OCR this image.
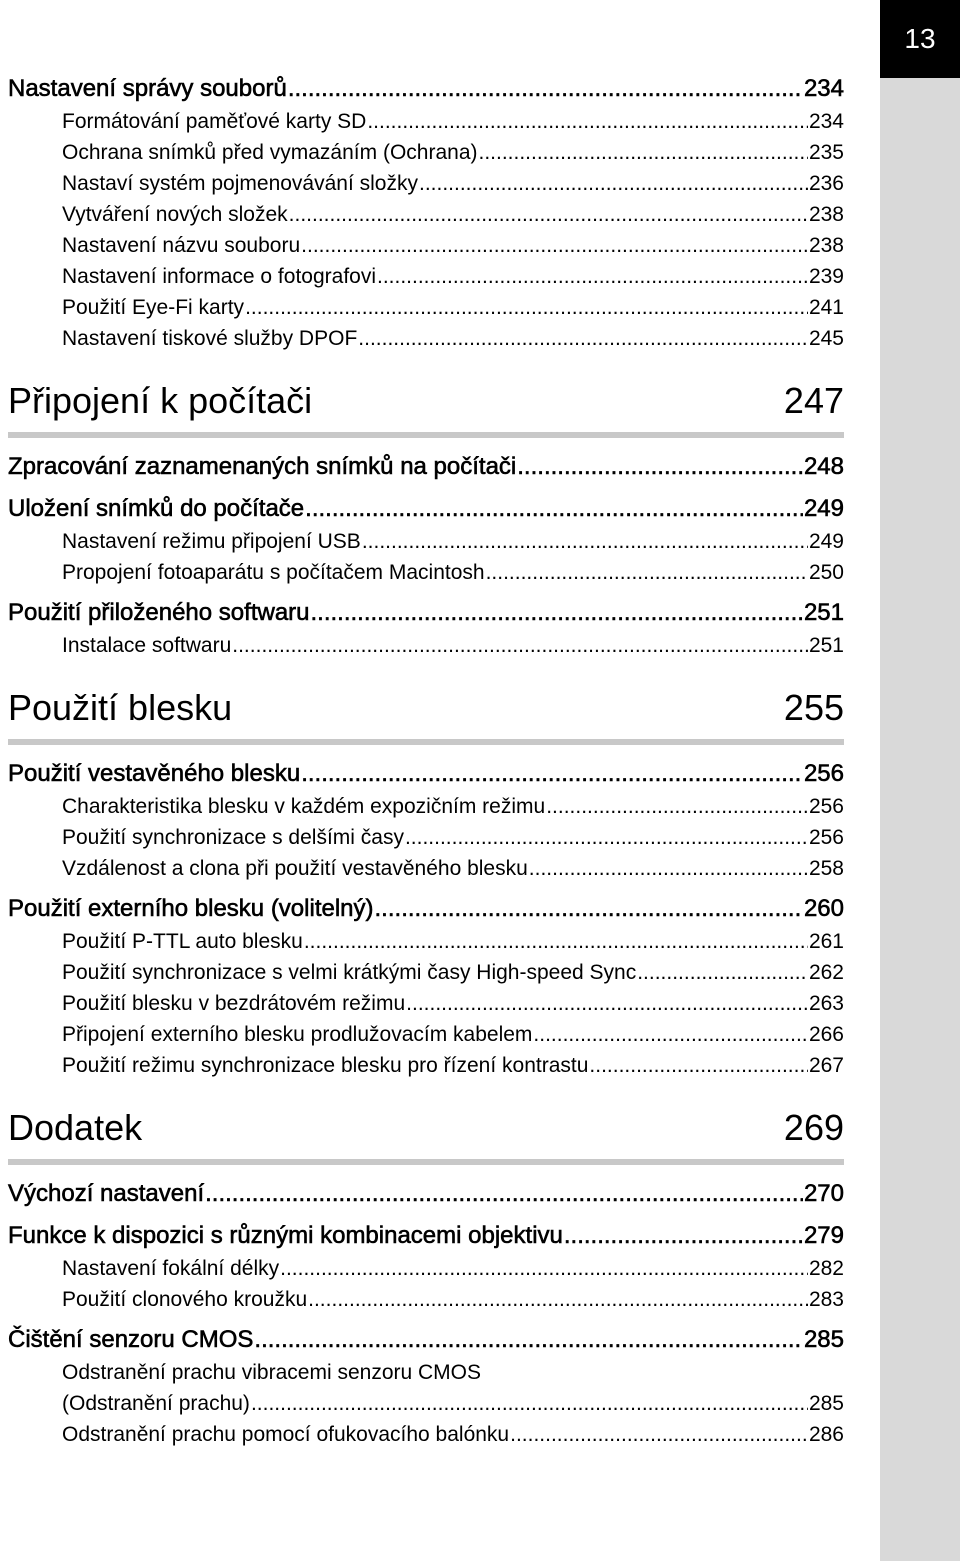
13
Nastavení správy souborů .....	234
Formátování paměťové karty SD .....	234
Ochrana snímků před vymazáním (Ochrana) .....	235
Nastaví systém pojmenovávání složky .....	236
Vytváření nových složek .....	238
Nastavení názvu souboru .....	238
Nastavení informace o fotografovi .....	239
Použití Eye-Fi karty .....	241
Nastavení tiskové služby DPOF .....	245
Připojení k počítači	247
Zpracování zaznamenaných snímků na počítači .....	248
Uložení snímků do počítače .....	249
Nastavení režimu připojení USB .....	249
Propojení fotoaparátu s počítačem Macintosh .....	250
Použití přiloženého softwaru .....	251
Instalace softwaru .....	251
Použití blesku	255
Použití vestavěného blesku .....	256
Charakteristika blesku v každém expozičním režimu .....	256
Použití synchronizace s delšími časy .....	256
Vzdálenost a clona při použití vestavěného blesku .....	258
Použití externího blesku (volitelný) .....	260
Použití P-TTL auto blesku .....	261
Použití synchronizace s velmi krátkými časy High-speed Sync .....	262
Použití blesku v bezdrátovém režimu .....	263
Připojení externího blesku prodlužovacím kabelem .....	266
Použití režimu synchronizace blesku pro řízení kontrastu .....	267
Dodatek	269
Výchozí nastavení .....	270
Funkce k dispozici s různými kombinacemi objektivu .....	279
Nastavení fokální délky .....	282
Použití clonového kroužku .....	283
Čištění senzoru CMOS .....	285
Odstranění prachu vibracemi senzoru CMOS
(Odstranění prachu) .....	285
Odstranění prachu pomocí ofukovacího balónku .....	286
